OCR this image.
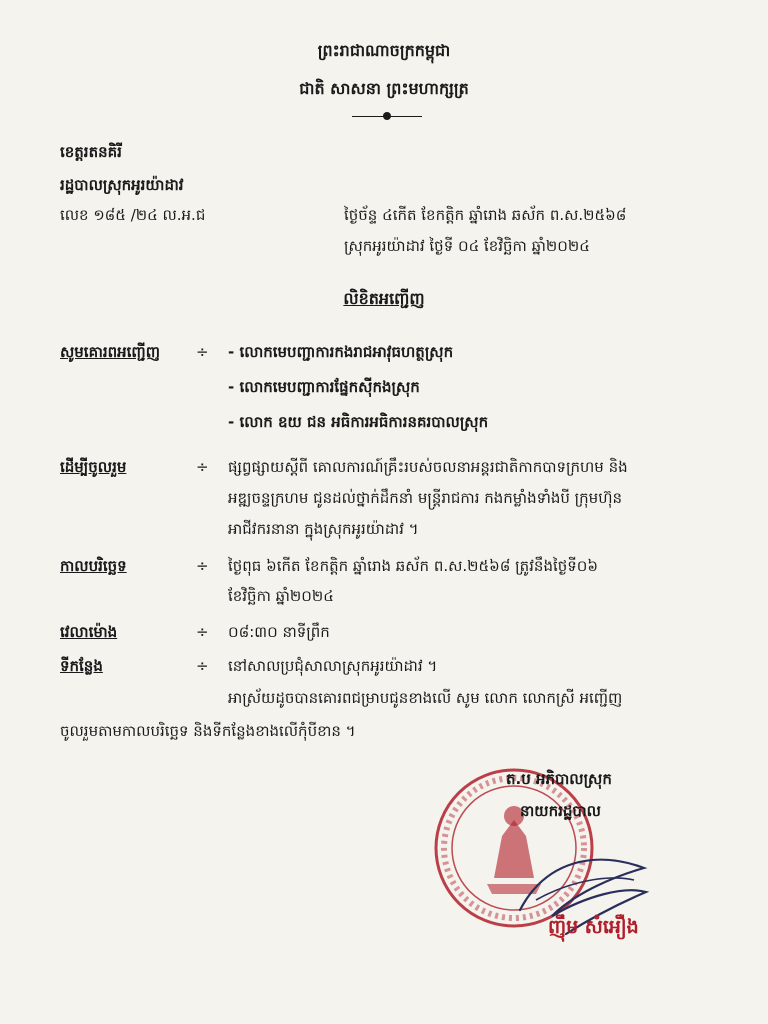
ព្រះរាជាណាចក្រកម្ពុជា
ជាតិ សាសនា ព្រះមហាក្សត្រ
ខេត្តរតនគិរី
រដ្ឋបាលស្រុកអូរយ៉ាដាវ
លេខ ១៨៥ /២៤ ល.អ.ជ	ថ្ងៃច័ន្ទ ៤កើត ខែកត្តិក ឆ្នាំរោង ឆស័ក ព.ស.២៥៦៨
ស្រុកអូរយ៉ាដាវ ថ្ងៃទី ០៤ ខែវិច្ឆិកា ឆ្នាំ២០២៤
លិខិតអញ្ជើញ
សូមគោរពអញ្ជើញ ÷ - លោកមេបញ្ជាការកងរាជអាវុធហត្ថស្រុក
- លោកមេបញ្ជាការផ្នែកស៊ីកងស្រុក
- លោក ឧយ ជន អធិការអធិការនគរបាលស្រុក
ដើម្បីចូលរួម	÷ ផ្សព្វផ្សាយស្តីពី គោលការណ៍គ្រឹះរបស់ចលនាអន្តរជាតិកាកបាទក្រហម និង
អឌ្ឍចន្ទក្រហម ជូនដល់ថ្នាក់ដឹកនាំ មន្ត្រីរាជការ កងកម្លាំងទាំងបី ក្រុមហ៊ុន
អាជីវករនានា ក្នុងស្រុកអូរយ៉ាដាវ ។
កាលបរិច្ឆេទ	÷ ថ្ងៃពុធ ៦កើត ខែកត្តិក ឆ្នាំរោង ឆស័ក ព.ស.២៥៦៨ ត្រូវនឹងថ្ងៃទី០៦
ខែវិច្ឆិកា ឆ្នាំ២០២៤
វេលាម៉ោង	÷ ០៨:៣០ នាទីព្រឹក
ទីកន្លែង	÷ នៅសាលប្រជុំសាលាស្រុកអូរយ៉ាដាវ ។
អាស្រ័យដូចបានគោរពជម្រាបជូនខាងលើ សូម លោក លោកស្រី អញ្ជើញ
ចូលរួមតាមកាលបរិច្ឆេទ និងទីកន្លែងខាងលើកុំបីខាន ។
ត.ប អភិបាលស្រុក
នាយករដ្ឋបាល
ញ៉ឹម សំអឿង
